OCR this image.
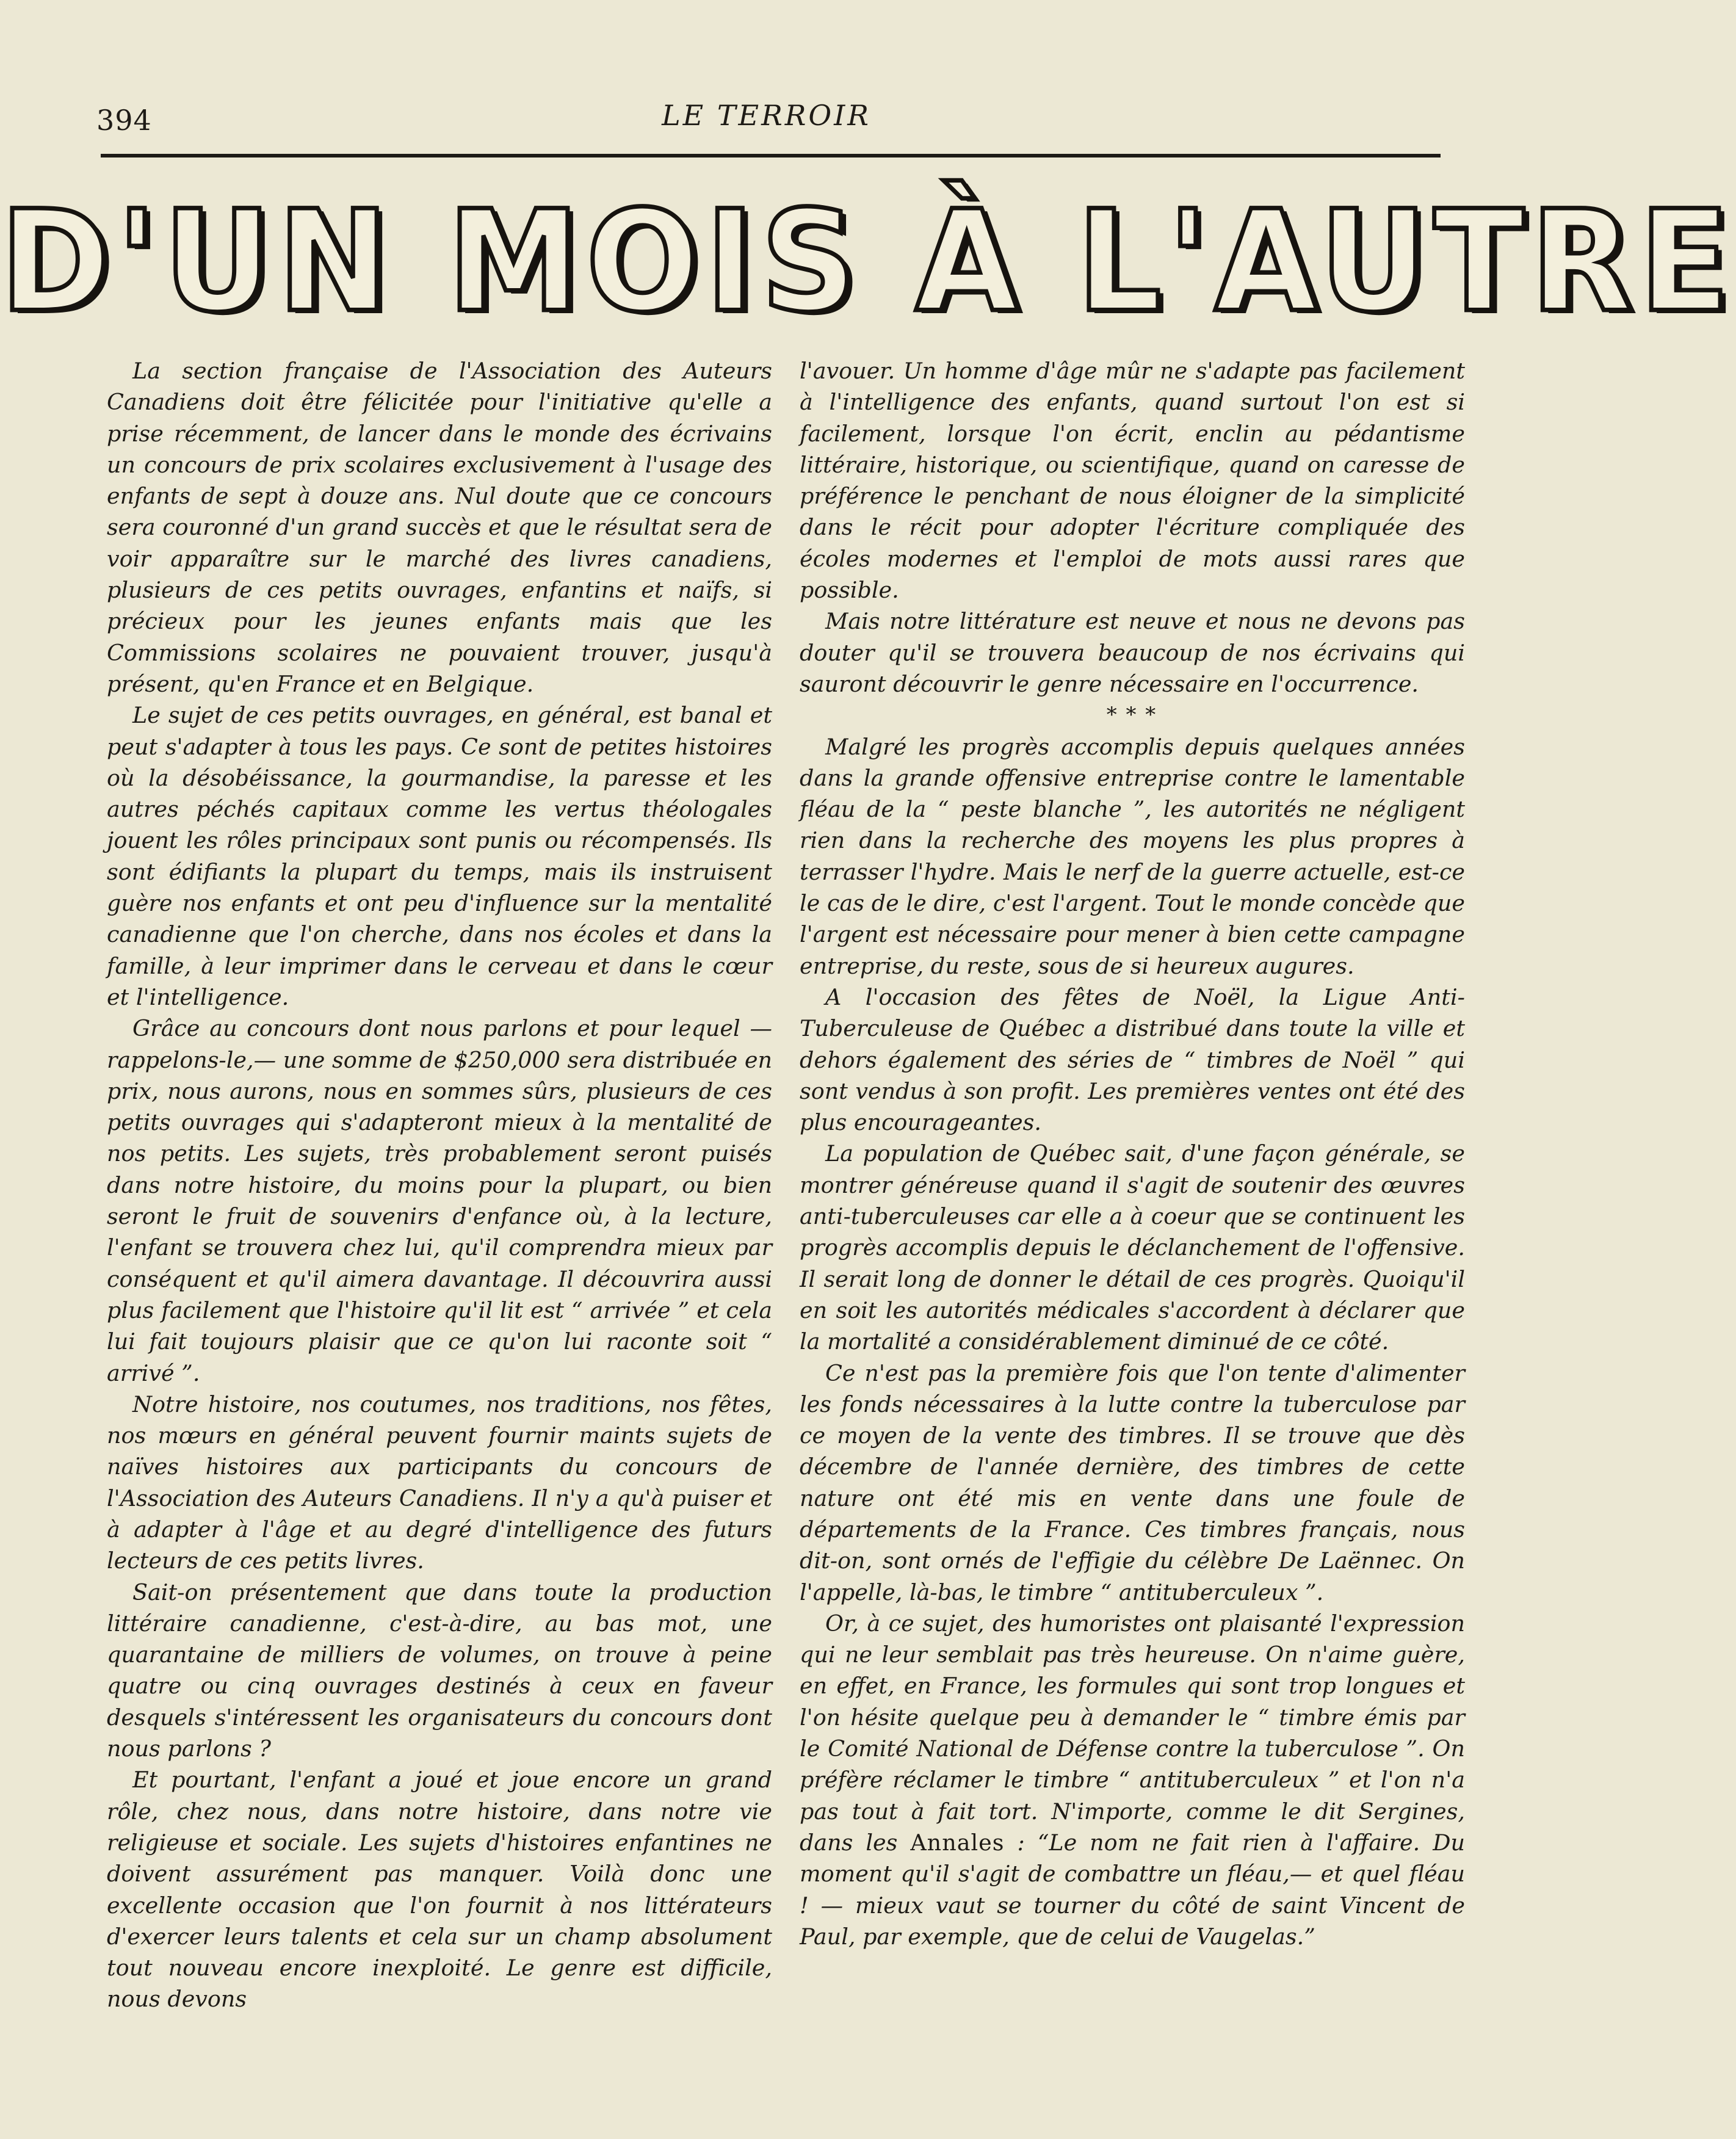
394	LE TERROIR
D'UN MOIS À L'AUTRE

La section française de l'Association des Auteurs Canadiens doit être félicitée pour l'initiative qu'elle a prise récemment, de lancer dans le monde des écrivains un concours de prix scolaires exclusivement à l'usage des enfants de sept à douze ans. Nul doute que ce concours sera couronné d'un grand succès et que le résultat sera de voir apparaître sur le marché des livres canadiens, plusieurs de ces petits ouvrages, enfantins et naïfs, si précieux pour les jeunes enfants mais que les Commissions scolaires ne pouvaient trouver, jusqu'à présent, qu'en France et en Belgique.

Le sujet de ces petits ouvrages, en général, est banal et peut s'adapter à tous les pays. Ce sont de petites histoires où la désobéissance, la gourmandise, la paresse et les autres péchés capitaux comme les vertus théologales jouent les rôles principaux sont punis ou récompensés. Ils sont édifiants la plupart du temps, mais ils instruisent guère nos enfants et ont peu d'influence sur la mentalité canadienne que l'on cherche, dans nos écoles et dans la famille, à leur imprimer dans le cerveau et dans le cœur et l'intelligence.

Grâce au concours dont nous parlons et pour lequel — rappelons-le,— une somme de $250,000 sera distribuée en prix, nous aurons, nous en sommes sûrs, plusieurs de ces petits ouvrages qui s'adapteront mieux à la mentalité de nos petits. Les sujets, très probablement seront puisés dans notre histoire, du moins pour la plupart, ou bien seront le fruit de souvenirs d'enfance où, à la lecture, l'enfant se trouvera chez lui, qu'il comprendra mieux par conséquent et qu'il aimera davantage. Il découvrira aussi plus facilement que l'histoire qu'il lit est “ arrivée ” et cela lui fait toujours plaisir que ce qu'on lui raconte soit “ arrivé ”.

Notre histoire, nos coutumes, nos traditions, nos fêtes, nos mœurs en général peuvent fournir maints sujets de naïves histoires aux participants du concours de l'Association des Auteurs Canadiens. Il n'y a qu'à puiser et à adapter à l'âge et au degré d'intelligence des futurs lecteurs de ces petits livres.

Sait-on présentement que dans toute la production littéraire canadienne, c'est-à-dire, au bas mot, une quarantaine de milliers de volumes, on trouve à peine quatre ou cinq ouvrages destinés à ceux en faveur desquels s'intéressent les organisateurs du concours dont nous parlons ?

Et pourtant, l'enfant a joué et joue encore un grand rôle, chez nous, dans notre histoire, dans notre vie religieuse et sociale. Les sujets d'histoires enfantines ne doivent assurément pas manquer. Voilà donc une excellente occasion que l'on fournit à nos littérateurs d'exercer leurs talents et cela sur un champ absolument tout nouveau encore inexploité. Le genre est difficile, nous devons

l'avouer. Un homme d'âge mûr ne s'adapte pas facilement à l'intelligence des enfants, quand surtout l'on est si facilement, lorsque l'on écrit, enclin au pédantisme littéraire, historique, ou scientifique, quand on caresse de préférence le penchant de nous éloigner de la simplicité dans le récit pour adopter l'écriture compliquée des écoles modernes et l'emploi de mots aussi rares que possible.

Mais notre littérature est neuve et nous ne devons pas douter qu'il se trouvera beaucoup de nos écrivains qui sauront découvrir le genre nécessaire en l'occurrence.

* * *

Malgré les progrès accomplis depuis quelques années dans la grande offensive entreprise contre le lamentable fléau de la “ peste blanche ”, les autorités ne négligent rien dans la recherche des moyens les plus propres à terrasser l'hydre. Mais le nerf de la guerre actuelle, est-ce le cas de le dire, c'est l'argent. Tout le monde concède que l'argent est nécessaire pour mener à bien cette campagne entreprise, du reste, sous de si heureux augures.

A l'occasion des fêtes de Noël, la Ligue Anti-Tuberculeuse de Québec a distribué dans toute la ville et dehors également des séries de “ timbres de Noël ” qui sont vendus à son profit. Les premières ventes ont été des plus encourageantes.

La population de Québec sait, d'une façon générale, se montrer généreuse quand il s'agit de soutenir des œuvres anti-tuberculeuses car elle a à coeur que se continuent les progrès accomplis depuis le déclanchement de l'offensive. Il serait long de donner le détail de ces progrès. Quoiqu'il en soit les autorités médicales s'accordent à déclarer que la mortalité a considérablement diminué de ce côté.

Ce n'est pas la première fois que l'on tente d'alimenter les fonds nécessaires à la lutte contre la tuberculose par ce moyen de la vente des timbres. Il se trouve que dès décembre de l'année dernière, des timbres de cette nature ont été mis en vente dans une foule de départements de la France. Ces timbres français, nous dit-on, sont ornés de l'effigie du célèbre De Laënnec. On l'appelle, là-bas, le timbre “ antituberculeux ”.

Or, à ce sujet, des humoristes ont plaisanté l'expression qui ne leur semblait pas très heureuse. On n'aime guère, en effet, en France, les formules qui sont trop longues et l'on hésite quelque peu à demander le “ timbre émis par le Comité National de Défense contre la tuberculose ”. On préfère réclamer le timbre “ antituberculeux ” et l'on n'a pas tout à fait tort. N'importe, comme le dit Sergines, dans les Annales : “Le nom ne fait rien à l'affaire. Du moment qu'il s'agit de combattre un fléau,— et quel fléau ! — mieux vaut se tourner du côté de saint Vincent de Paul, par exemple, que de celui de Vaugelas.”
